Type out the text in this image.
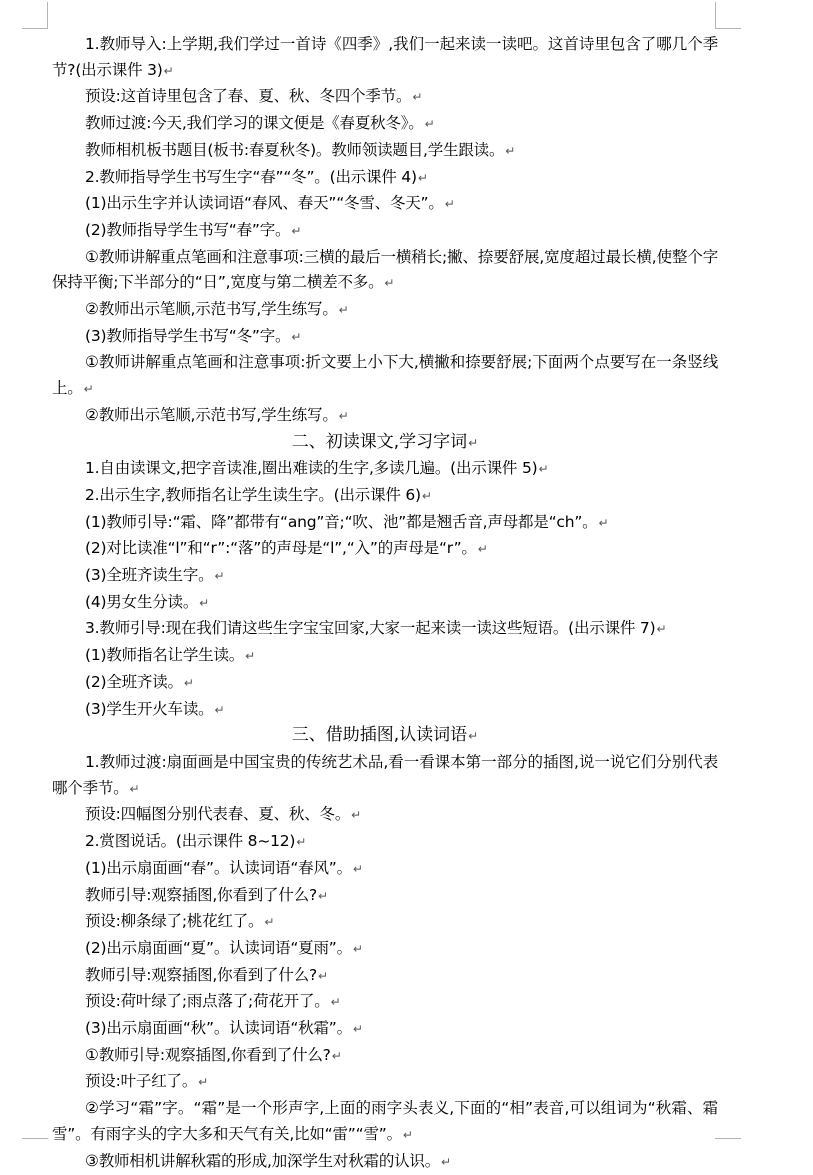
1.教师导入:上学期,我们学过一首诗《四季》,我们一起来读一读吧。这首诗里包含了哪几个季节?(出示课件 3)↵

预设:这首诗里包含了春、夏、秋、冬四个季节。↵

教师过渡:今天,我们学习的课文便是《春夏秋冬》。↵

教师相机板书题目(板书:春夏秋冬)。教师领读题目,学生跟读。↵

2.教师指导学生书写生字“春”“冬”。(出示课件 4)↵

(1)出示生字并认读词语“春风、春天”“冬雪、冬天”。↵

(2)教师指导学生书写“春”字。↵

①教师讲解重点笔画和注意事项:三横的最后一横稍长;撇、捺要舒展,宽度超过最长横,使整个字保持平衡;下半部分的“日”,宽度与第二横差不多。↵

②教师出示笔顺,示范书写,学生练写。↵

(3)教师指导学生书写“冬”字。↵

①教师讲解重点笔画和注意事项:折文要上小下大,横撇和捺要舒展;下面两个点要写在一条竖线上。↵

②教师出示笔顺,示范书写,学生练写。↵

二、初读课文,学习字词↵

1.自由读课文,把字音读准,圈出难读的生字,多读几遍。(出示课件 5)↵

2.出示生字,教师指名让学生读生字。(出示课件 6)↵

(1)教师引导:“霜、降”都带有“ang”音;“吹、池”都是翘舌音,声母都是“ch”。↵

(2)对比读准“l”和“r”:“落”的声母是“l”,“入”的声母是“r”。↵

(3)全班齐读生字。↵

(4)男女生分读。↵

3.教师引导:现在我们请这些生字宝宝回家,大家一起来读一读这些短语。(出示课件 7)↵

(1)教师指名让学生读。↵

(2)全班齐读。↵

(3)学生开火车读。↵

三、借助插图,认读词语↵

1.教师过渡:扇面画是中国宝贵的传统艺术品,看一看课本第一部分的插图,说一说它们分别代表哪个季节。↵

预设:四幅图分别代表春、夏、秋、冬。↵

2.赏图说话。(出示课件 8~12)↵

(1)出示扇面画“春”。认读词语“春风”。↵

教师引导:观察插图,你看到了什么?↵

预设:柳条绿了;桃花红了。↵

(2)出示扇面画“夏”。认读词语“夏雨”。↵

教师引导:观察插图,你看到了什么?↵

预设:荷叶绿了;雨点落了;荷花开了。↵

(3)出示扇面画“秋”。认读词语“秋霜”。↵

①教师引导:观察插图,你看到了什么?↵

预设:叶子红了。↵

②学习“霜”字。“霜”是一个形声字,上面的雨字头表义,下面的“相”表音,可以组词为“秋霜、霜雪”。有雨字头的字大多和天气有关,比如“雷”“雪”。↵

③教师相机讲解秋霜的形成,加深学生对秋霜的认识。↵
